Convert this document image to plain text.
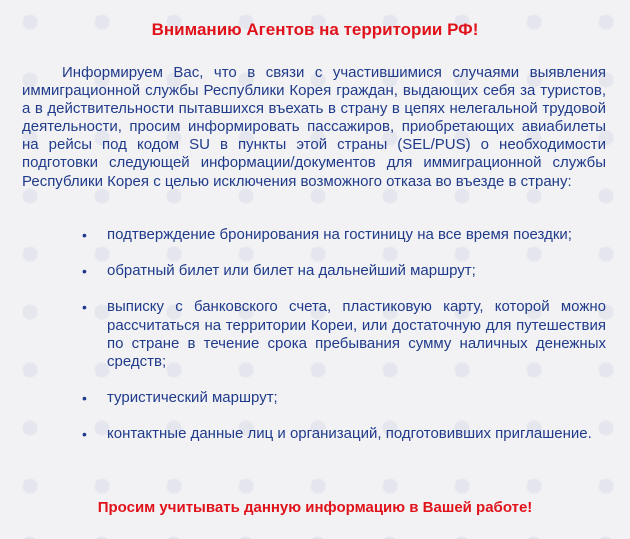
Вниманию Агентов на территории РФ!

Информируем Вас, что в связи с участившимися случаями выявления иммиграционной службы Республики Корея граждан, выдающих себя за туристов, а в действительности пытавшихся въехать в страну в цепях нелегальной трудовой деятельности, просим информировать пассажиров, приобретающих авиабилеты на рейсы под кодом SU в пункты этой страны (SEL/PUS) о необходимости подготовки следующей информации/документов для иммиграционной службы Республики Корея с целью исключения возможного отказа во въезде в страну:

• подтверждение бронирования на гостиницу на все время поездки;
• обратный билет или билет на дальнейший маршрут;
• выписку с банковского счета, пластиковую карту, которой можно рассчитаться на территории Кореи, или достаточную для путешествия по стране в течение срока пребывания сумму наличных денежных средств;
• туристический маршрут;
• контактные данные лиц и организаций, подготовивших приглашение.

Просим учитывать данную информацию в Вашей работе!
